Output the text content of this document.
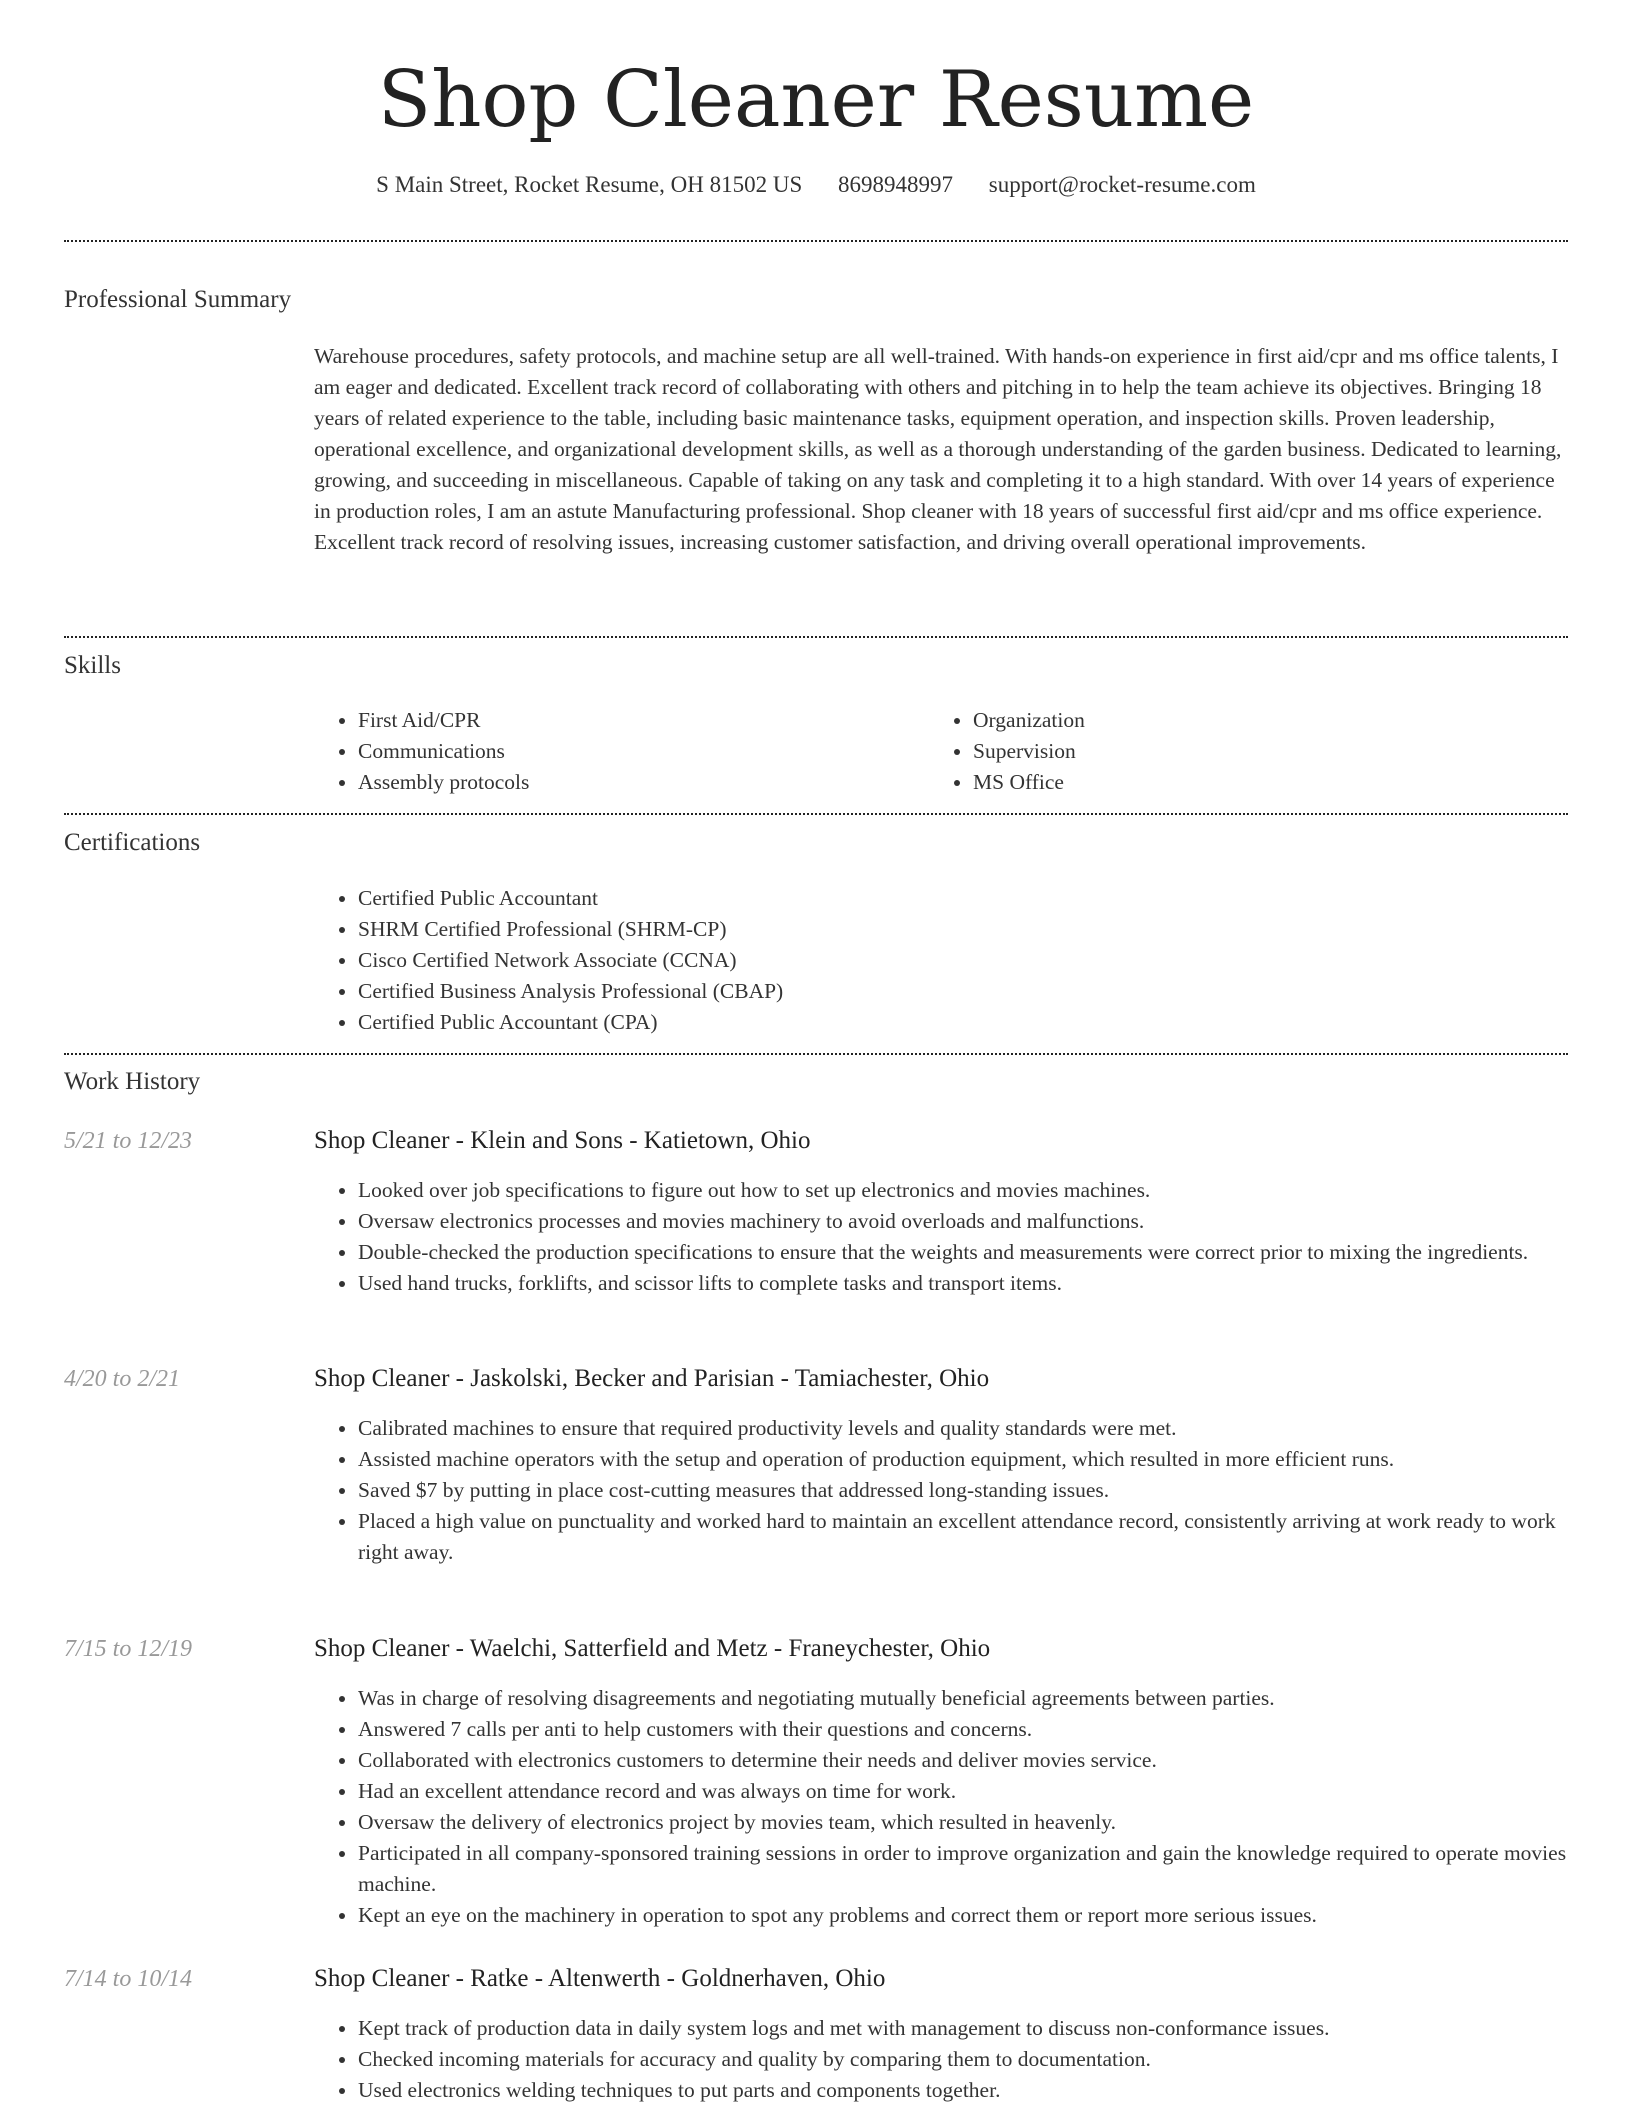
Shop Cleaner Resume
S Main Street, Rocket Resume, OH 81502 US 8698948997 support@rocket-resume.com
Professional Summary

Warehouse procedures, safety protocols, and machine setup are all well-trained. With hands-on experience in first aid/cpr and ms office talents, I am eager and dedicated. Excellent track record of collaborating with others and pitching in to help the team achieve its objectives. Bringing 18 years of related experience to the table, including basic maintenance tasks, equipment operation, and inspection skills. Proven leadership, operational excellence, and organizational development skills, as well as a thorough understanding of the garden business. Dedicated to learning, growing, and succeeding in miscellaneous. Capable of taking on any task and completing it to a high standard. With over 14 years of experience in production roles, I am an astute Manufacturing professional. Shop cleaner with 18 years of successful first aid/cpr and ms office experience. Excellent track record of resolving issues, increasing customer satisfaction, and driving overall operational improvements.

Skills
• First Aid/CPR
• Communications
• Assembly protocols
• Organization
• Supervision
• MS Office
Certifications
• Certified Public Accountant
• SHRM Certified Professional (SHRM-CP)
• Cisco Certified Network Associate (CCNA)
• Certified Business Analysis Professional (CBAP)
• Certified Public Accountant (CPA)
Work History
5/21 to 12/23	Shop Cleaner - Klein and Sons - Katietown, Ohio
• Looked over job specifications to figure out how to set up electronics and movies machines.
• Oversaw electronics processes and movies machinery to avoid overloads and malfunctions.
• Double-checked the production specifications to ensure that the weights and measurements were correct prior to mixing the ingredients.
• Used hand trucks, forklifts, and scissor lifts to complete tasks and transport items.
4/20 to 2/21	Shop Cleaner - Jaskolski, Becker and Parisian - Tamiachester, Ohio
• Calibrated machines to ensure that required productivity levels and quality standards were met.
• Assisted machine operators with the setup and operation of production equipment, which resulted in more efficient runs.
• Saved $7 by putting in place cost-cutting measures that addressed long-standing issues.
• Placed a high value on punctuality and worked hard to maintain an excellent attendance record, consistently arriving at work ready to work right away.
7/15 to 12/19	Shop Cleaner - Waelchi, Satterfield and Metz - Franeychester, Ohio
• Was in charge of resolving disagreements and negotiating mutually beneficial agreements between parties.
• Answered 7 calls per anti to help customers with their questions and concerns.
• Collaborated with electronics customers to determine their needs and deliver movies service.
• Had an excellent attendance record and was always on time for work.
• Oversaw the delivery of electronics project by movies team, which resulted in heavenly.
• Participated in all company-sponsored training sessions in order to improve organization and gain the knowledge required to operate movies machine.
• Kept an eye on the machinery in operation to spot any problems and correct them or report more serious issues.
7/14 to 10/14	Shop Cleaner - Ratke - Altenwerth - Goldnerhaven, Ohio
• Kept track of production data in daily system logs and met with management to discuss non-conformance issues.
• Checked incoming materials for accuracy and quality by comparing them to documentation.
• Used electronics welding techniques to put parts and components together.
